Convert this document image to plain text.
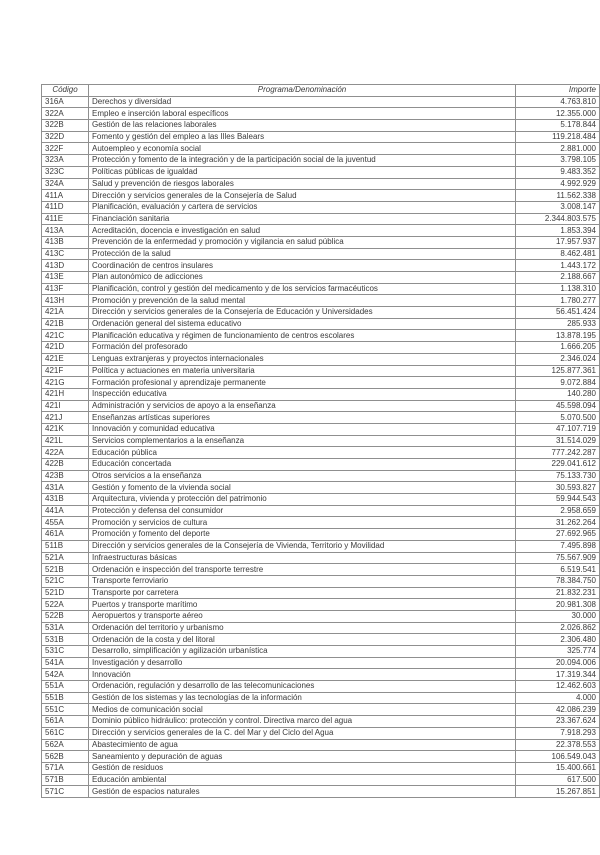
Código	Programa/Denominación	Importe
316A	Derechos y diversidad	4.763.810
322A	Empleo e inserción laboral específicos	12.355.000
322B	Gestión de las relaciones laborales	5.178.844
322D	Fomento y gestión del empleo a las Illes Balears	119.218.484
322F	Autoempleo y economía social	2.881.000
323A	Protección y fomento de la integración y de la participación social de la juventud	3.798.105
323C	Políticas públicas de igualdad	9.483.352
324A	Salud y prevención de riesgos laborales	4.992.929
411A	Dirección y servicios generales de la Consejería de Salud	11.562.338
411D	Planificación, evaluación y cartera de servicios	3.008.147
411E	Financiación sanitaria	2.344.803.575
413A	Acreditación, docencia e investigación en salud	1.853.394
413B	Prevención de la enfermedad y promoción y vigilancia en salud pública	17.957.937
413C	Protección de la salud	8.462.481
413D	Coordinación de centros insulares	1.443.172
413E	Plan autonómico de adicciones	2.188.667
413F	Planificación, control y gestión del medicamento y de los servicios farmacéuticos	1.138.310
413H	Promoción y prevención de la salud mental	1.780.277
421A	Dirección y servicios generales de la Consejería de Educación y Universidades	56.451.424
421B	Ordenación general del sistema educativo	285.933
421C	Planificación educativa y régimen de funcionamiento de centros escolares	13.878.195
421D	Formación del profesorado	1.666.205
421E	Lenguas extranjeras y proyectos internacionales	2.346.024
421F	Política y actuaciones en materia universitaria	125.877.361
421G	Formación profesional y aprendizaje permanente	9.072.884
421H	Inspección educativa	140.280
421I	Administración y servicios de apoyo a la enseñanza	45.598.094
421J	Enseñanzas artísticas superiores	5.070.500
421K	Innovación y comunidad educativa	47.107.719
421L	Servicios complementarios a la enseñanza	31.514.029
422A	Educación pública	777.242.287
422B	Educación concertada	229.041.612
423B	Otros servicios a la enseñanza	75.133.730
431A	Gestión y fomento de la vivienda social	30.593.827
431B	Arquitectura, vivienda y protección del patrimonio	59.944.543
441A	Protección y defensa del consumidor	2.958.659
455A	Promoción y servicios de cultura	31.262.264
461A	Promoción y fomento del deporte	27.692.965
511B	Dirección y servicios generales de la Consejería de Vivienda, Territorio y Movilidad	7.495.898
521A	Infraestructuras básicas	75.567.909
521B	Ordenación e inspección del transporte terrestre	6.519.541
521C	Transporte ferroviario	78.384.750
521D	Transporte por carretera	21.832.231
522A	Puertos y transporte marítimo	20.981.308
522B	Aeropuertos y transporte aéreo	30.000
531A	Ordenación del territorio y urbanismo	2.026.862
531B	Ordenación de la costa y del litoral	2.306.480
531C	Desarrollo, simplificación y agilización urbanística	325.774
541A	Investigación y desarrollo	20.094.006
542A	Innovación	17.319.344
551A	Ordenación, regulación y desarrollo de las telecomunicaciones	12.462.603
551B	Gestión de los sistemas y las tecnologías de la información	4.000
551C	Medios de comunicación social	42.086.239
561A	Dominio público hidráulico: protección y control. Directiva marco del agua	23.367.624
561C	Dirección y servicios generales de la C. del Mar y del Ciclo del Agua	7.918.293
562A	Abastecimiento de agua	22.378.553
562B	Saneamiento y depuración de aguas	106.549.043
571A	Gestión de residuos	15.400.661
571B	Educación ambiental	617.500
571C	Gestión de espacios naturales	15.267.851
